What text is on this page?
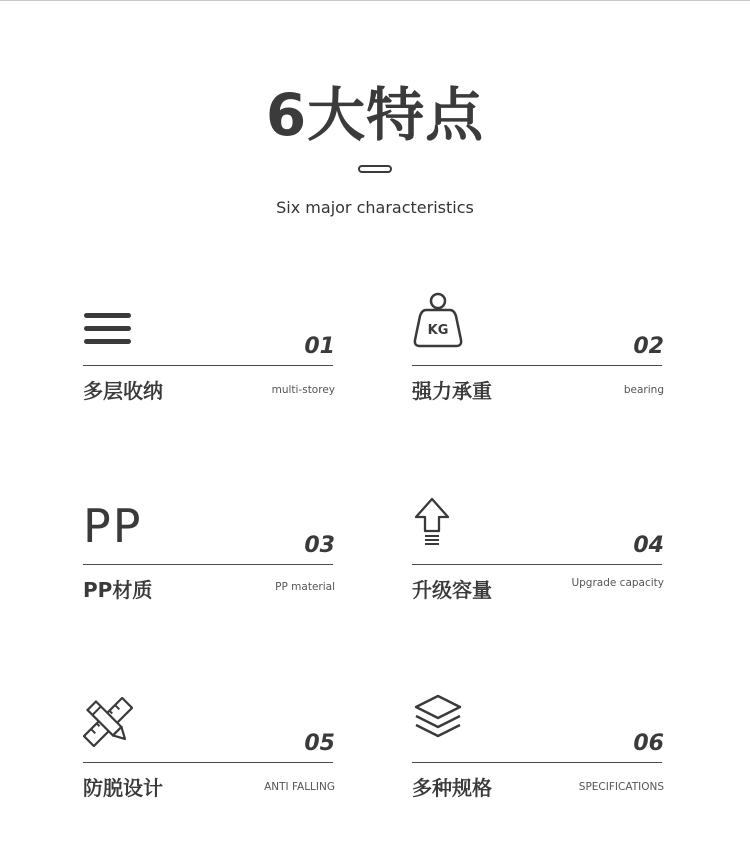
6大特点
Six major characteristics
01
多层收纳	multi-storey
KG
02
强力承重	bearing
PP	03
PP材质	PP material
04
升级容量	Upgrade capacity
05
防脱设计	ANTI FALLING
06
多种规格	SPECIFICATIONS
